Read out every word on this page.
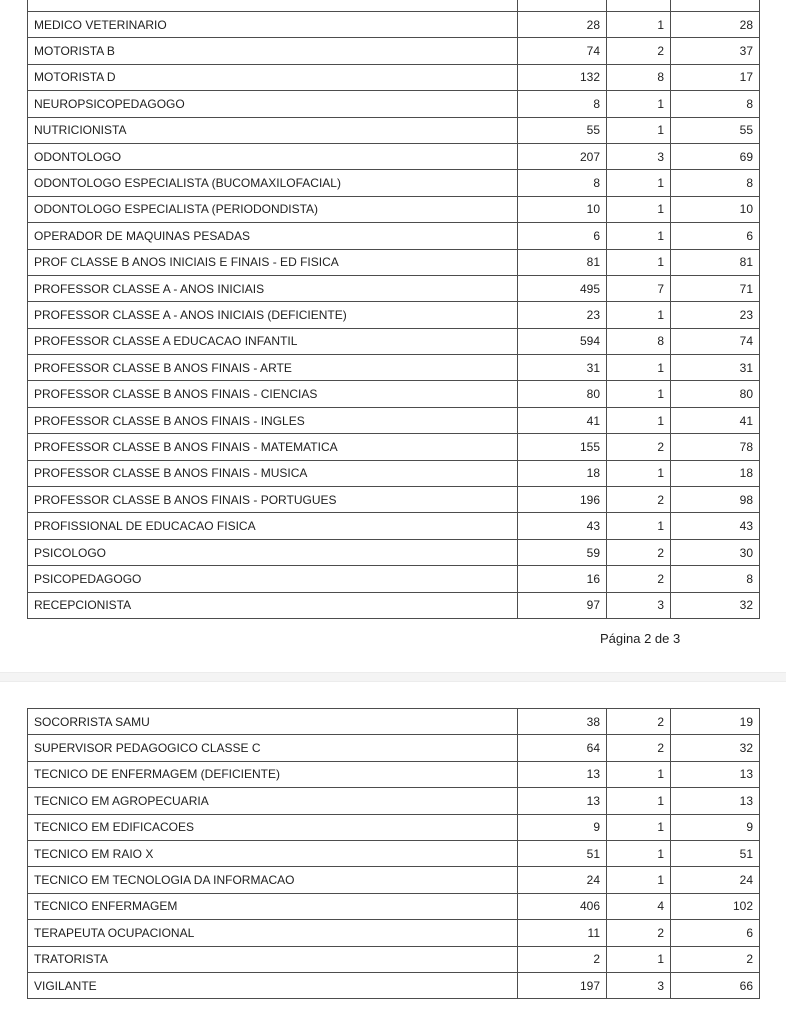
MEDICO VETERINARIO	28	1	28
MOTORISTA B	74	2	37
MOTORISTA D	132	8	17
NEUROPSICOPEDAGOGO	8	1	8
NUTRICIONISTA	55	1	55
ODONTOLOGO	207	3	69
ODONTOLOGO ESPECIALISTA (BUCOMAXILOFACIAL)	8	1	8
ODONTOLOGO ESPECIALISTA (PERIODONDISTA)	10	1	10
OPERADOR DE MAQUINAS PESADAS	6	1	6
PROF CLASSE B ANOS INICIAIS E FINAIS - ED FISICA	81	1	81
PROFESSOR CLASSE A - ANOS INICIAIS	495	7	71
PROFESSOR CLASSE A - ANOS INICIAIS (DEFICIENTE)	23	1	23
PROFESSOR CLASSE A EDUCACAO INFANTIL	594	8	74
PROFESSOR CLASSE B ANOS FINAIS - ARTE	31	1	31
PROFESSOR CLASSE B ANOS FINAIS - CIENCIAS	80	1	80
PROFESSOR CLASSE B ANOS FINAIS - INGLES	41	1	41
PROFESSOR CLASSE B ANOS FINAIS - MATEMATICA	155	2	78
PROFESSOR CLASSE B ANOS FINAIS - MUSICA	18	1	18
PROFESSOR CLASSE B ANOS FINAIS - PORTUGUES	196	2	98
PROFISSIONAL DE EDUCACAO FISICA	43	1	43
PSICOLOGO	59	2	30
PSICOPEDAGOGO	16	2	8
RECEPCIONISTA	97	3	32
Página 2 de 3
SOCORRISTA SAMU	38	2	19
SUPERVISOR PEDAGOGICO CLASSE C	64	2	32
TECNICO DE ENFERMAGEM (DEFICIENTE)	13	1	13
TECNICO EM AGROPECUARIA	13	1	13
TECNICO EM EDIFICACOES	9	1	9
TECNICO EM RAIO X	51	1	51
TECNICO EM TECNOLOGIA DA INFORMACAO	24	1	24
TECNICO ENFERMAGEM	406	4	102
TERAPEUTA OCUPACIONAL	11	2	6
TRATORISTA	2	1	2
VIGILANTE	197	3	66
